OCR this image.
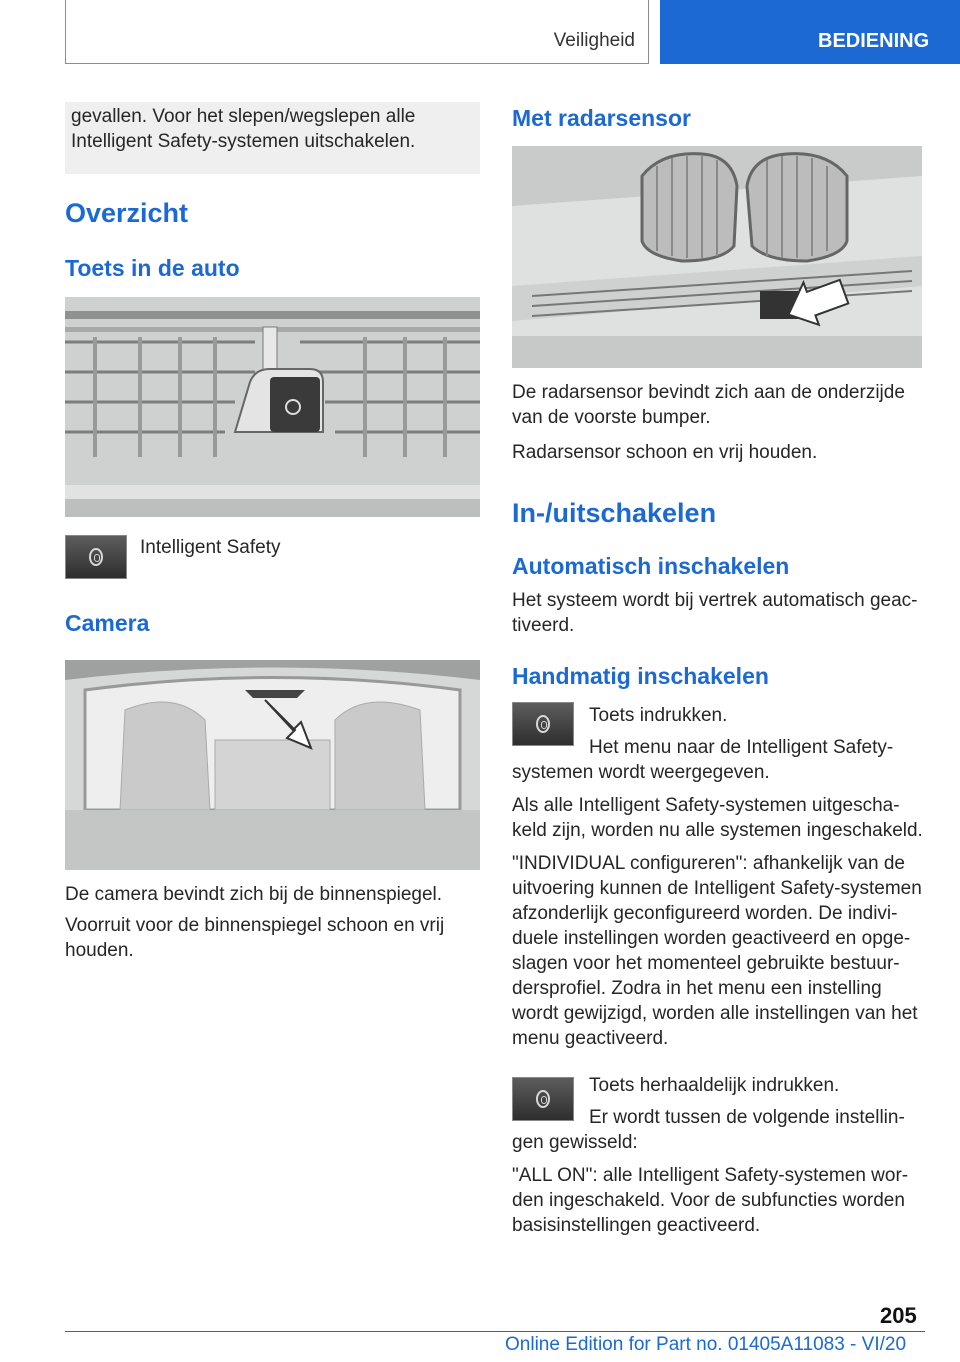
Veiligheid	BEDIENING

gevallen. Voor het slepen/wegslepen alle Intelligent Safety-systemen uitschakelen.

Overzicht
Toets in de auto

Intelligent Safety

Camera

De camera bevindt zich bij de binnenspiegel.

Voorruit voor de binnenspiegel schoon en vrij houden.

Met radarsensor

De radarsensor bevindt zich aan de onderzijde van de voorste bumper.

Radarsensor schoon en vrij houden.

In-/uitschakelen
Automatisch inschakelen

Het systeem wordt bij vertrek automatisch geactiveerd.

Handmatig inschakelen

Toets indrukken.

Het menu naar de Intelligent Safety-systemen wordt weergegeven.

Als alle Intelligent Safety-systemen uitgeschakeld zijn, worden nu alle systemen ingeschakeld.

"INDIVIDUAL configureren": afhankelijk van de uitvoering kunnen de Intelligent Safety-systemen afzonderlijk geconfigureerd worden. De individuele instellingen worden geactiveerd en opgeslagen voor het momenteel gebruikte bestuurdersprofiel. Zodra in het menu een instelling wordt gewijzigd, worden alle instellingen van het menu geactiveerd.

Toets herhaaldelijk indrukken.

Er wordt tussen de volgende instellingen gewisseld:

"ALL ON": alle Intelligent Safety-systemen worden ingeschakeld. Voor de subfuncties worden basisinstellingen geactiveerd.

205
Online Edition for Part no. 01405A11083 - VI/20
